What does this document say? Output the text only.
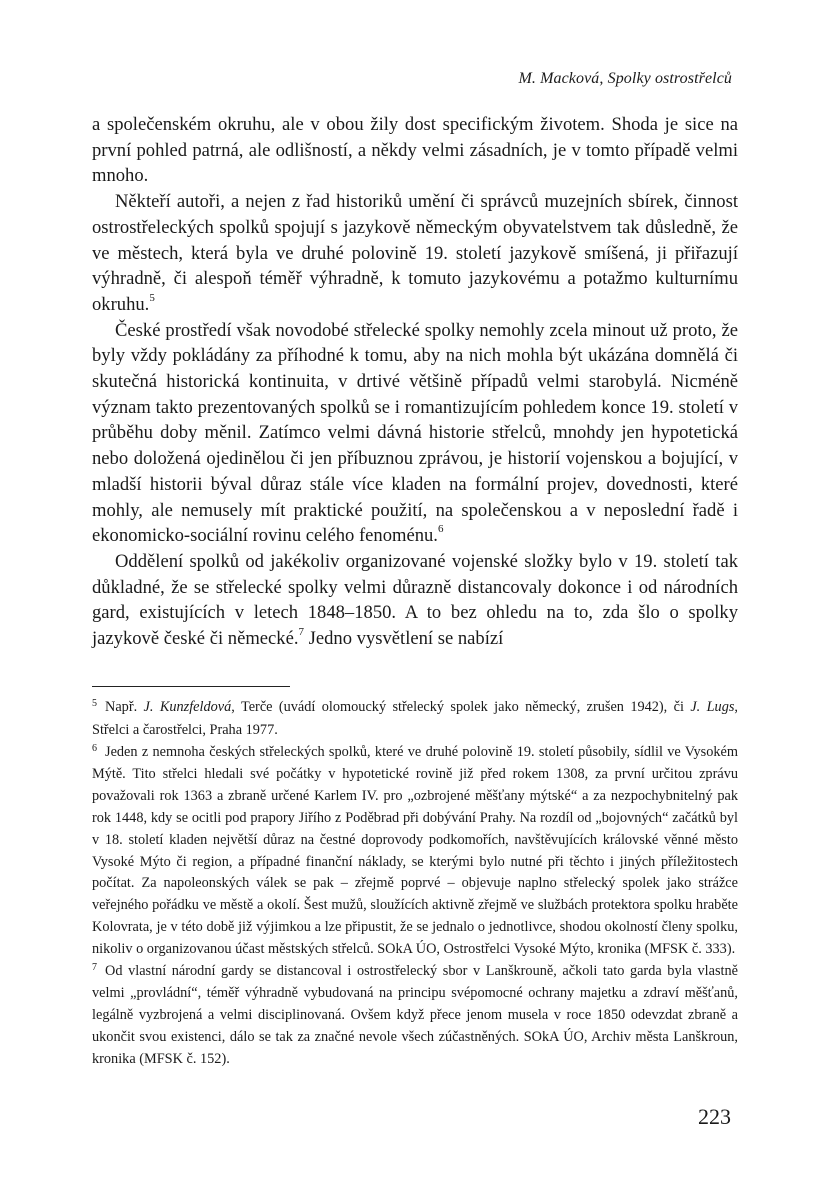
M. Macková, Spolky ostrostřelců

a společenském okruhu, ale v obou žily dost specifickým životem. Shoda je sice na první pohled patrná, ale odlišností, a někdy velmi zásadních, je v tomto případě velmi mnoho.

Někteří autoři, a nejen z řad historiků umění či správců muzejních sbírek, činnost ostrostřeleckých spolků spojují s jazykově německým obyvatelstvem tak důsledně, že ve městech, která byla ve druhé polovině 19. století jazykově smíšená, ji přiřazují výhradně, či alespoň téměř výhradně, k tomuto jazykovému a potažmo kulturnímu okruhu.$^5$

České prostředí však novodobé střelecké spolky nemohly zcela minout už proto, že byly vždy pokládány za příhodné k tomu, aby na nich mohla být ukázána domnělá či skutečná historická kontinuita, v drtivé většině případů velmi starobylá. Nicméně význam takto prezentovaných spolků se i romantizujícím pohledem konce 19. století v průběhu doby měnil. Zatímco velmi dávná historie střelců, mnohdy jen hypotetická nebo doložená ojedinělou či jen příbuznou zprávou, je historií vojenskou a bojující, v mladší historii býval důraz stále více kladen na formální projev, dovednosti, které mohly, ale nemusely mít praktické použití, na společenskou a v neposlední řadě i ekonomicko-sociální rovinu celého fenoménu.$^6$

Oddělení spolků od jakékoliv organizované vojenské složky bylo v 19. století tak důkladné, že se střelecké spolky velmi důrazně distancovaly dokonce i od národních gard, existujících v letech 1848–1850. A to bez ohledu na to, zda šlo o spolky jazykově české či německé.$^7$ Jedno vysvětlení se nabízí

$^5$ Např. J. Kunzfeldová, Terče (uvádí olomoucký střelecký spolek jako německý, zrušen 1942), či J. Lugs, Střelci a čarostřelci, Praha 1977.

$^6$ Jeden z nemnoha českých střeleckých spolků, které ve druhé polovině 19. století působily, sídlil ve Vysokém Mýtě. Tito střelci hledali své počátky v hypotetické rovině již před rokem 1308, za první určitou zprávu považovali rok 1363 a zbraně určené Karlem IV. pro „ozbrojené měšťany mýtské“ a za nezpochybnitelný pak rok 1448, kdy se ocitli pod prapory Jiřího z Poděbrad při dobývání Prahy. Na rozdíl od „bojovných“ začátků byl v 18. století kladen největší důraz na čestné doprovody podkomořích, navštěvujících královské věnné město Vysoké Mýto či region, a případné finanční náklady, se kterými bylo nutné při těchto i jiných příležitostech počítat. Za napoleonských válek se pak – zřejmě poprvé – objevuje naplno střelecký spolek jako strážce veřejného pořádku ve městě a okolí. Šest mužů, sloužících aktivně zřejmě ve službách protektora spolku hraběte Kolovrata, je v této době již výjimkou a lze připustit, že se jednalo o jednotlivce, shodou okolností členy spolku, nikoliv o organizovanou účast městských střelců. SOkA ÚO, Ostrostřelci Vysoké Mýto, kronika (MFSK č. 333).

$^7$ Od vlastní národní gardy se distancoval i ostrostřelecký sbor v Lanškrouně, ačkoli tato garda byla vlastně velmi „provládní“, téměř výhradně vybudovaná na principu svépomocné ochrany majetku a zdraví měšťanů, legálně vyzbrojená a velmi disciplinovaná. Ovšem když přece jenom musela v roce 1850 odevzdat zbraně a ukončit svou existenci, dálo se tak za značné nevole všech zúčastněných. SOkA ÚO, Archiv města Lanškroun, kronika (MFSK č. 152).

223
